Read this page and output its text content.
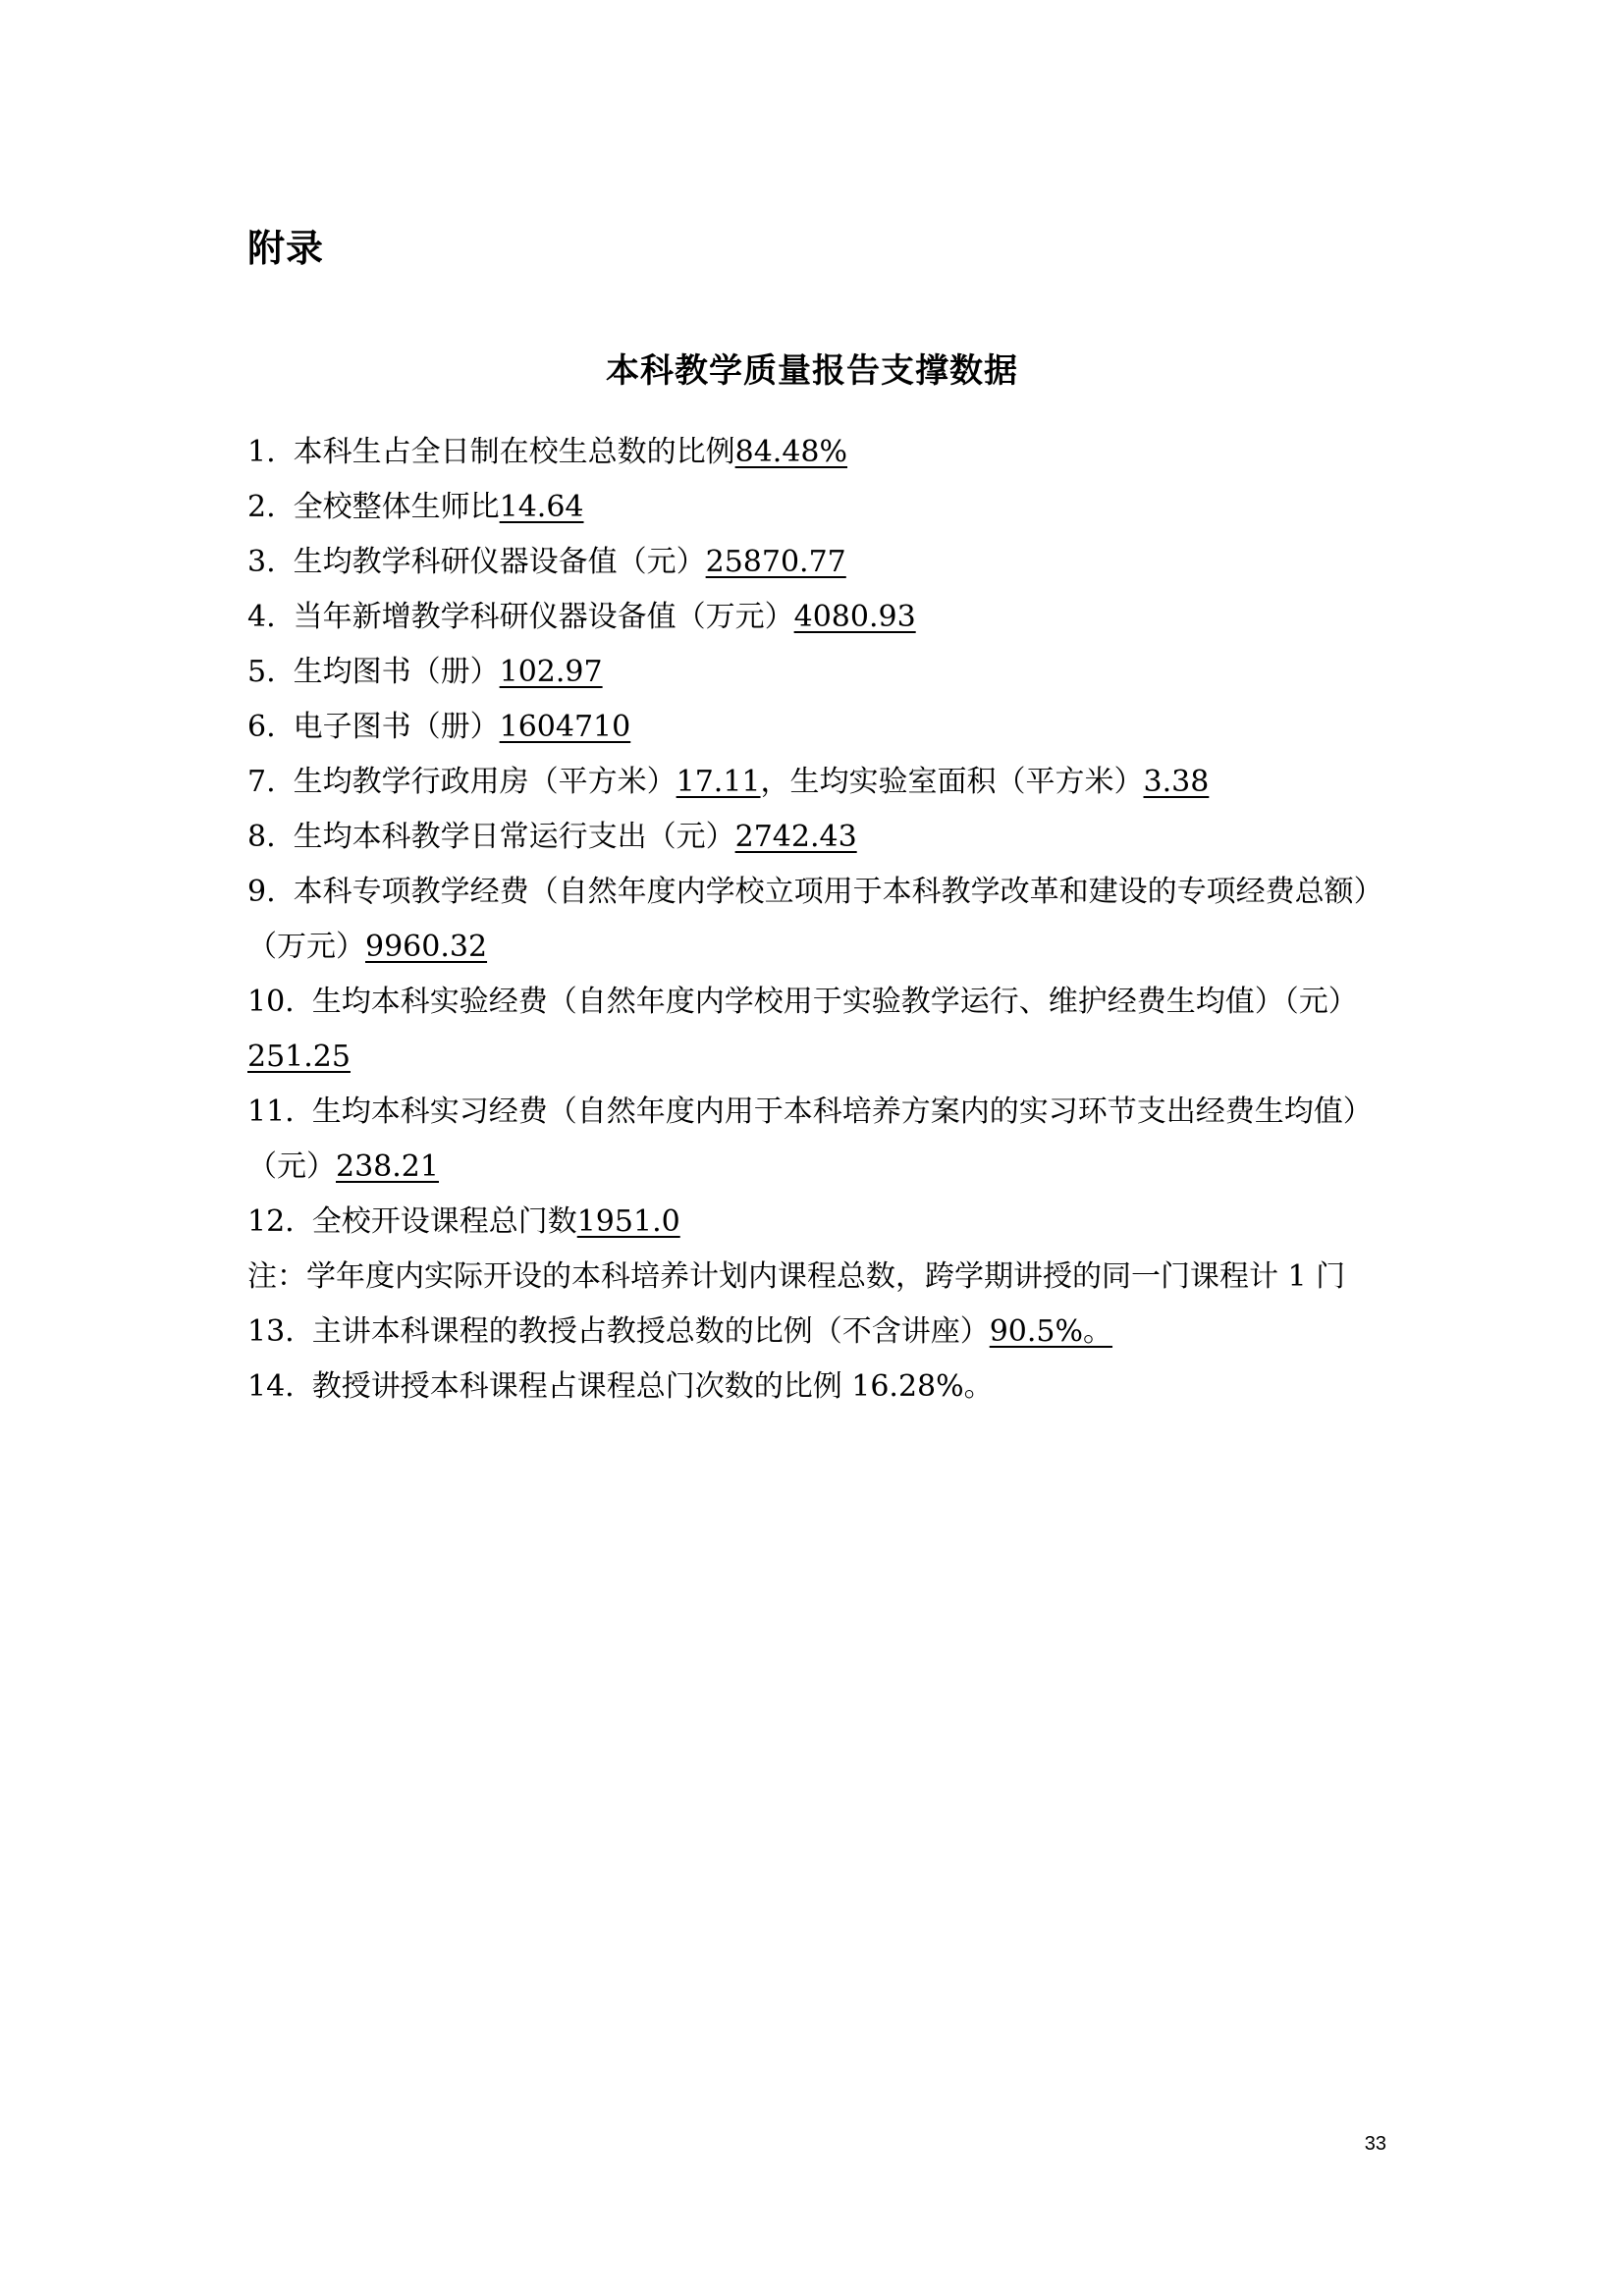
附录
本科教学质量报告支撑数据
1. 本科生占全日制在校生总数的比例84.48%
2. 全校整体生师比14.64
3. 生均教学科研仪器设备值（元）25870.77
4. 当年新增教学科研仪器设备值（万元）4080.93
5. 生均图书（册）102.97
6. 电子图书（册）1604710
7. 生均教学行政用房（平方米）17.11，生均实验室面积（平方米）3.38
8. 生均本科教学日常运行支出（元）2742.43
9. 本科专项教学经费（自然年度内学校立项用于本科教学改革和建设的专项经费总额）（万元）9960.32
10. 生均本科实验经费（自然年度内学校用于实验教学运行、维护经费生均值）（元）251.25
11. 生均本科实习经费（自然年度内用于本科培养方案内的实习环节支出经费生均值）（元）238.21
12. 全校开设课程总门数1951.0
注：学年度内实际开设的本科培养计划内课程总数，跨学期讲授的同一门课程计 1 门
13. 主讲本科课程的教授占教授总数的比例（不含讲座）90.5%。
14. 教授讲授本科课程占课程总门次数的比例 16.28%。
33
